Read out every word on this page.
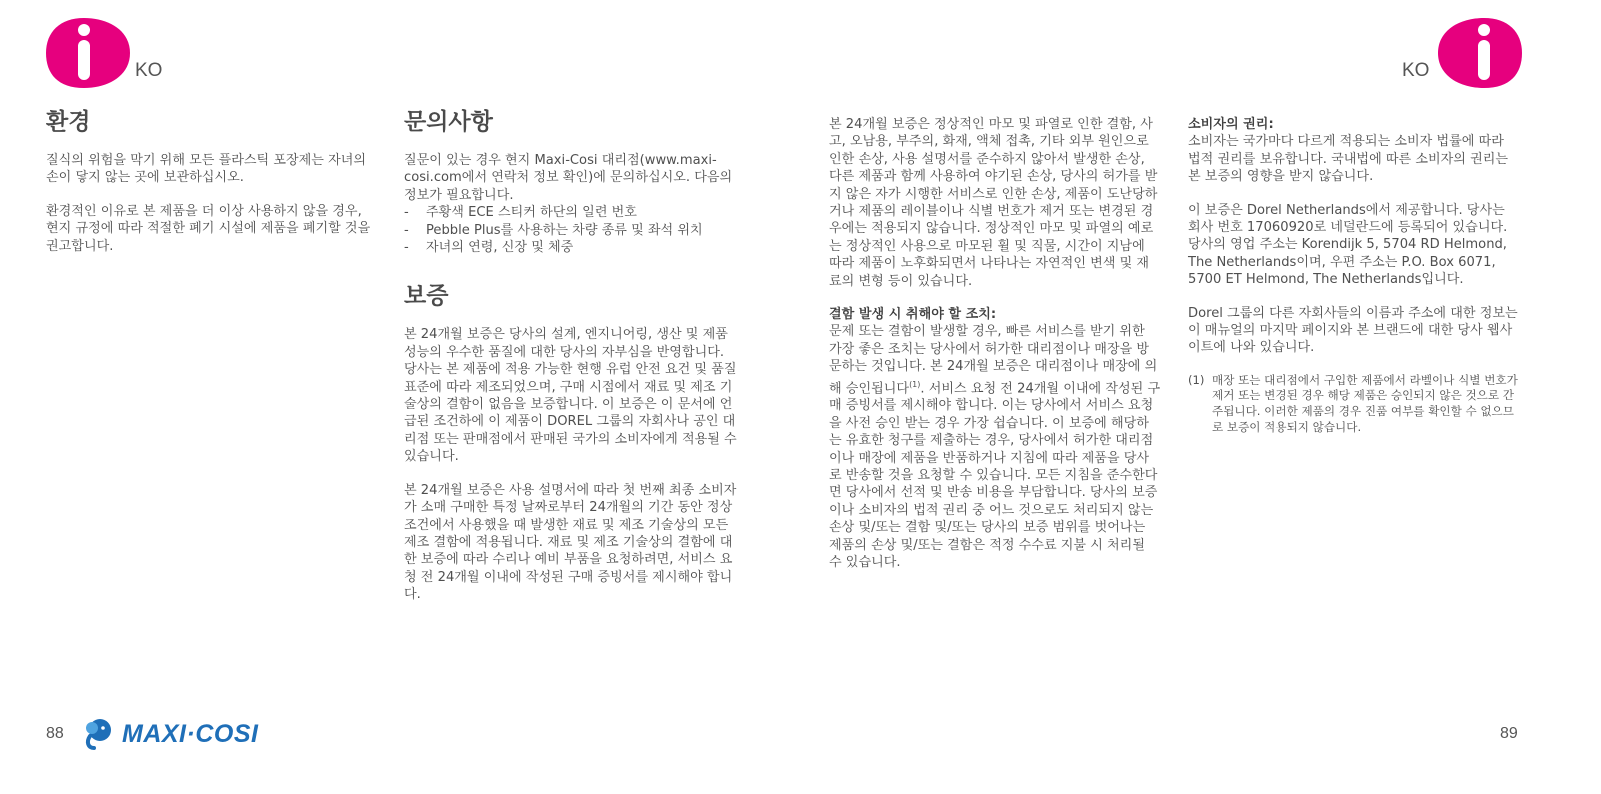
KO	KO
환경

질식의 위험을 막기 위해 모든 플라스틱 포장제는 자녀의 손이 닿지 않는 곳에 보관하십시오.

환경적인 이유로 본 제품을 더 이상 사용하지 않을 경우, 현지 규정에 따라 적절한 폐기 시설에 제품을 폐기할 것을 권고합니다.

문의사항

질문이 있는 경우 현지 Maxi-Cosi 대리점(www.maxi-cosi.com에서 연락처 정보 확인)에 문의하십시오. 다음의 정보가 필요합니다.

- 주황색 ECE 스티커 하단의 일련 번호
- Pebble Plus를 사용하는 차량 종류 및 좌석 위치
- 자녀의 연령, 신장 및 체중
보증

본 24개월 보증은 당사의 설계, 엔지니어링, 생산 및 제품 성능의 우수한 품질에 대한 당사의 자부심을 반영합니다. 당사는 본 제품에 적용 가능한 현행 유럽 안전 요건 및 품질 표준에 따라 제조되었으며, 구매 시점에서 재료 및 제조 기술상의 결함이 없음을 보증합니다. 이 보증은 이 문서에 언급된 조건하에 이 제품이 DOREL 그룹의 자회사나 공인 대리점 또는 판매점에서 판매된 국가의 소비자에게 적용될 수 있습니다.

본 24개월 보증은 사용 설명서에 따라 첫 번째 최종 소비자가 소매 구매한 특정 날짜로부터 24개월의 기간 동안 정상 조건에서 사용했을 때 발생한 재료 및 제조 기술상의 모든 제조 결함에 적용됩니다. 재료 및 제조 기술상의 결함에 대한 보증에 따라 수리나 예비 부품을 요청하려면, 서비스 요청 전 24개월 이내에 작성된 구매 증빙서를 제시해야 합니다.

본 24개월 보증은 정상적인 마모 및 파열로 인한 결함, 사고, 오남용, 부주의, 화재, 액체 접촉, 기타 외부 원인으로 인한 손상, 사용 설명서를 준수하지 않아서 발생한 손상, 다른 제품과 함께 사용하여 야기된 손상, 당사의 허가를 받지 않은 자가 시행한 서비스로 인한 손상, 제품이 도난당하거나 제품의 레이블이나 식별 번호가 제거 또는 변경된 경우에는 적용되지 않습니다. 정상적인 마모 및 파열의 예로는 정상적인 사용으로 마모된 휠 및 직물, 시간이 지남에 따라 제품이 노후화되면서 나타나는 자연적인 변색 및 재료의 변형 등이 있습니다.

결함 발생 시 취해야 할 조치:
문제 또는 결함이 발생할 경우, 빠른 서비스를 받기 위한 가장 좋은 조치는 당사에서 허가한 대리점이나 매장을 방문하는 것입니다. 본 24개월 보증은 대리점이나 매장에 의해 승인됩니다$^{(1)}$. 서비스 요청 전 24개월 이내에 작성된 구매 증빙서를 제시해야 합니다. 이는 당사에서 서비스 요청을 사전 승인 받는 경우 가장 쉽습니다. 이 보증에 해당하는 유효한 청구를 제출하는 경우, 당사에서 허가한 대리점이나 매장에 제품을 반품하거나 지침에 따라 제품을 당사로 반송할 것을 요청할 수 있습니다. 모든 지침을 준수한다면 당사에서 선적 및 반송 비용을 부담합니다. 당사의 보증이나 소비자의 법적 권리 중 어느 것으로도 처리되지 않는 손상 및/또는 결함 및/또는 당사의 보증 범위를 벗어나는 제품의 손상 및/또는 결함은 적정 수수료 지불 시 처리될 수 있습니다.

소비자의 권리:
소비자는 국가마다 다르게 적용되는 소비자 법률에 따라 법적 권리를 보유합니다. 국내법에 따른 소비자의 권리는 본 보증의 영향을 받지 않습니다.

이 보증은 Dorel Netherlands에서 제공합니다. 당사는 회사 번호 17060920로 네덜란드에 등록되어 있습니다. 당사의 영업 주소는 Korendijk 5, 5704 RD Helmond, The Netherlands이며, 우편 주소는 P.O. Box 6071, 5700 ET Helmond, The Netherlands입니다.

Dorel 그룹의 다른 자회사들의 이름과 주소에 대한 정보는 이 매뉴얼의 마지막 페이지와 본 브랜드에 대한 당사 웹사이트에 나와 있습니다.

(1) 매장 또는 대리점에서 구입한 제품에서 라벨이나 식별 번호가 제거 또는 변경된 경우 해당 제품은 승인되지 않은 것으로 간주됩니다. 이러한 제품의 경우 진품 여부를 확인할 수 없으므로 보증이 적용되지 않습니다.

88 MAXI·COSI	89
